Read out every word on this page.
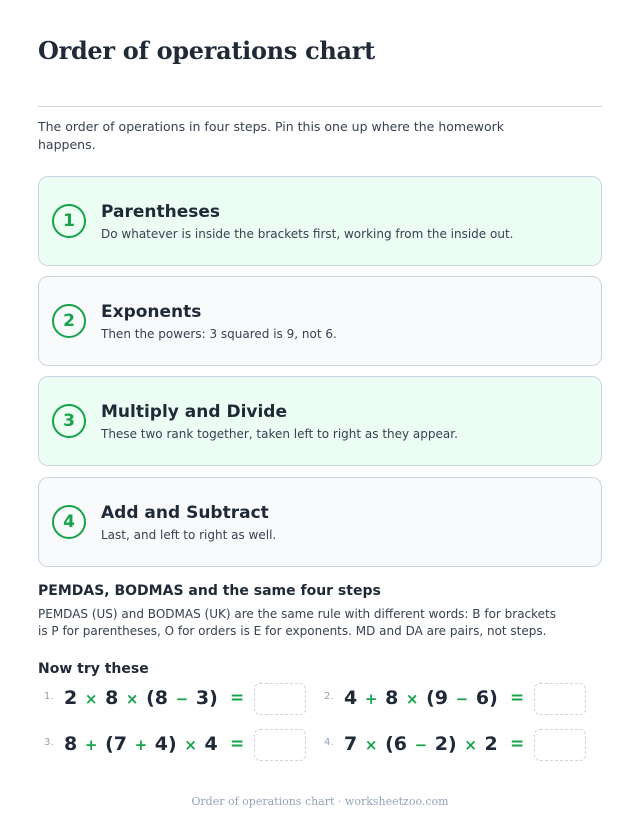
Order of operations chart
The order of operations in four steps. Pin this one up where the homework happens.
1	Parentheses
Do whatever is inside the brackets first, working from the inside out.
2	Exponents
Then the powers: 3 squared is 9, not 6.
3	Multiply and Divide
These two rank together, taken left to right as they appear.
4	Add and Subtract
Last, and left to right as well.
PEMDAS, BODMAS and the same four steps
PEMDAS (US) and BODMAS (UK) are the same rule with different words: B for brackets is P for parentheses, O for orders is E for exponents. MD and DA are pairs, not steps.
Now try these
1. 2 × 8 × (8 − 3) =	2. 4 + 8 × (9 − 6) =
3. 8 + (7 + 4) × 4 =	4. 7 × (6 − 2) × 2 =
Order of operations chart · worksheetzoo.com
